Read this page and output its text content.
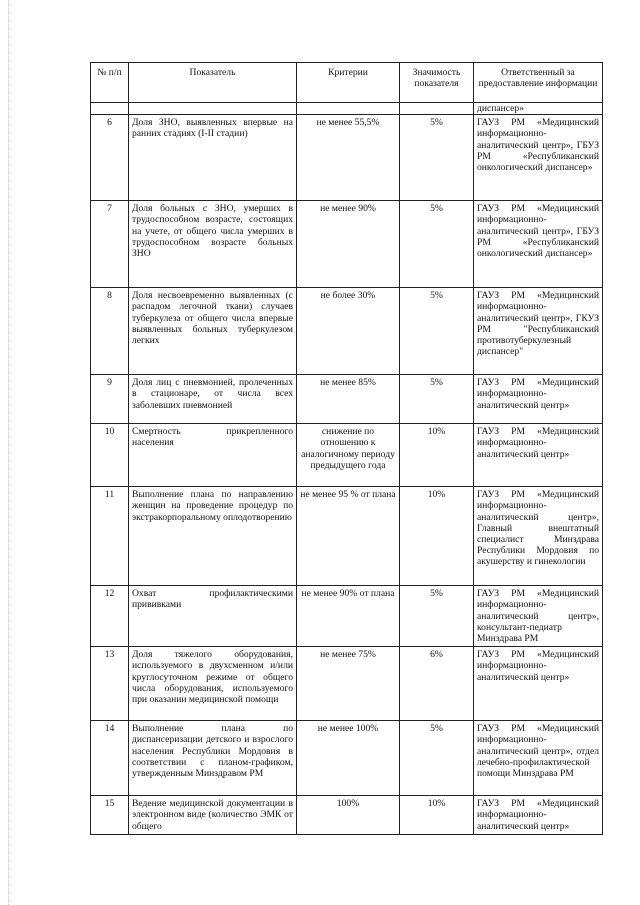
№ п/п	Показатель	Критерии	Значимость показателя	Ответственный за предоставление информации
				диспансер»
6	Доля ЗНО, выявленных впервые на ранних стадиях (I-II стадии)	не менее 55,5%	5%	ГАУЗ РМ «Медицинский информационно-аналитический центр», ГБУЗ РМ «Республиканский онкологический диспансер»
7	Доля больных с ЗНО, умерших в трудоспособном возрасте, состоящих на учете, от общего числа умерших в трудоспособном возрасте больных ЗНО	не менее 90%	5%	ГАУЗ РМ «Медицинский информационно-аналитический центр», ГБУЗ РМ «Республиканский онкологический диспансер»
8	Доля несвоевременно выявленных (с распадом легочной ткани) случаев туберкулеза от общего числа впервые выявленных больных туберкулезом легких	не более 30%	5%	ГАУЗ РМ «Медицинский информационно-аналитический центр», ГКУЗ РМ "Республиканский противотуберкулезный диспансер"
9	Доля лиц с пневмонией, пролеченных в стационаре, от числа всех заболевших пневмонией	не менее 85%	5%	ГАУЗ РМ «Медицинский информационно-аналитический центр»
10	Смертность прикрепленного населения	снижение по отношению к аналогичному периоду предыдущего года	10%	ГАУЗ РМ «Медицинский информационно-аналитический центр»
11	Выполнение плана по направлению женщин на проведение процедур по экстракорпоральному оплодотворению	не менее 95 % от плана	10%	ГАУЗ РМ «Медицинский информационно-аналитический центр», Главный внештатный специалист Минздрава Республики Мордовия по акушерству и гинекологии
12	Охват профилактическими прививками	не менее 90% от плана	5%	ГАУЗ РМ «Медицинский информационно-аналитический центр», консультант-педиатр Минздрава РМ
13	Доля тяжелого оборудования, используемого в двухсменном и/или круглосуточном режиме от общего числа оборудования, используемого при оказании медицинской помощи	не менее 75%	6%	ГАУЗ РМ «Медицинский информационно-аналитический центр»
14	Выполнение плана по диспансеризации детского и взрослого населения Республики Мордовия в соответствии с планом-графиком, утвержденным Минздравом РМ	не менее 100%	5%	ГАУЗ РМ «Медицинский информационно-аналитический центр», отдел лечебно-профилактической помощи Минздрава РМ
15	Ведение медицинской документации в электронном виде (количество ЭМК от общего	100%	10%	ГАУЗ РМ «Медицинский информационно-аналитический центр»
